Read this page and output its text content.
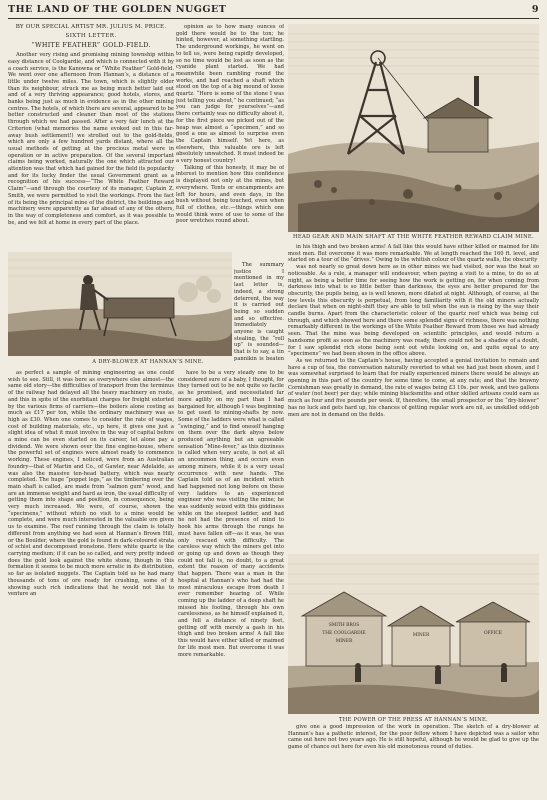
THE LAND OF THE GOLDEN NUGGET	9
BY OUR SPECIAL ARTIST MR. JULIUS M. PRICE.
SIXTH LETTER.
“WHITE FEATHER” GOLD-FIELD.

Another very rising and promising mining township within easy distance of Coolgardie, and which is connected with it by a coach service, is the Kanowna or “White Feather” Gold-field. We went over one afternoon from Hannan’s, a distance of a little under twelve miles. The town, which is slightly older than its neighbour, struck me as being much better laid out and of a very thriving appearance; good hotels, stores, and banks being just as much in evidence as in the other mining centres. The hotels, of which there are several, appeared to be better constructed and cleaner than most of the stations through which we had passed. After a very fair lunch at the Criterion (what memories the name evoked out in this far-away bush settlement!) we strolled out to the gold-fields, which are only a few hundred yards distant, where all the usual methods of getting at the precious metal were in operation or in active preparation. Of the several important claims being worked, naturally the one which attracted our attention was that which had gained for the field its popularity and for its lucky finder the usual Government grant as a recognition of his success—“The White Feather Reward Claim”—and through the courtesy of its manager, Captain Z. Smith, we were permitted to visit the workings. From the fact of its being the principal mine of the district, the buildings and machinery were apparently as far ahead of any of the others, in the way of completeness and comfort, as it was possible to be, and we felt at home in every part of the place.

opinion as to how many ounces of gold there would be to the ton; he hinted, however, at something startling. The underground workings, he went on to tell us, were being rapidly developed, so no time would be lost as soon as the cyanide plant started. We had meanwhile been rambling round the works, and had reached a shaft which stood on the top of a big mound of loose quartz. “Here is some of the stone I was just telling you about,” he continued; “as you can judge for yourselves”—and there certainly was no difficulty about it, for the first piece we picked out of the heap was almost a “specimen,” and so good a one as almost to surprise even the Captain himself. Yet here, as elsewhere, this valuable ore is left absolutely unwatched. It must indeed be a very honest country!

Talking of this honesty, it may be of interest to mention how this confidence is displayed not only at the mines, but everywhere. Tents or encampments are left for hours, and even days, in the bush without being touched, even when full of clothes, etc.—things which one would think were of use to some of the poor wretches round about.

HEAD GEAR AND MAIN SHAFT AT THE WHITE FEATHER REWARD CLAIM MINE.
A DRY-BLOWER AT HANNAN’S MINE.

The summary justice I mentioned in my last letter is, indeed, a strong deterrent, the way it is carried out being so sudden and so effective. Immediately anyone is caught stealing, the “roll up” is sounded—that is to say, a tin pannikin is beaten

in his thigh and two broken arms! A fall like this would have either killed or maimed for life most men. But overcome it was more remarkable. We at length reached the 160 ft. level, and started on a tour of the “drives.” Owing to the whitish colour of the quartz walls, the obscurity

was not nearly so great down here as in other mines we had visited, nor was the heat so noticeable. As a rule, a manager will endeavour, when paying a visit to a mine, to do so at night, as being a better time for seeing how the work is getting on, for when coming from darkness into what is so little better than darkness, the eyes are better prepared for the obscurity, the pupils being, as is well known, more dilated at night. Although, of course, at the low levels this obscurity is perpetual, from long familiarity with it the old miners actually declare that when on night-shift they are able to tell when the sun is rising by the way their candle burns. Apart from the characteristic colour of the quartz reef which was being cut through, and which showed here and there some splendid signs of richness, there was nothing remarkably different in the workings of the White Feather Reward from those we had already seen. That the mine was being developed on scientific principles, and would return a handsome profit as soon as the machinery was ready, there could not be a shadow of a doubt, for I saw splendid rich stone being sent out while looking on, and quite equal to any “specimens” we had been shown in the office above.

As we returned to the Captain’s house, having accepted a genial invitation to remain and have a cup of tea, the conversation naturally reverted to what we had just been shown, and I was somewhat surprised to learn that for really experienced miners there would be always an opening in this part of the country for some time to come, at any rate; and that the brawny Cornishman was greatly in demand, the rate of wages being £3 10s. per week, and two gallons of water (not beer) per day; while mining blacksmiths and other skilled artisans could earn as much as four and five pounds per week. If, therefore, the small prospector or the “dry-blower” has no luck and gets hard up, his chances of getting regular work are nil, as unskilled odd-job men are not in demand on the fields.

as perfect a sample of mining engineering as one could wish to see. Still, it was here as everywhere else almost—the same old story—the difficulties of transport from the terminus of the railway had delayed all the heavy machinery en route, and this in spite of the exorbitant charges for freight extorted by the various firms of carriers—the boilers alone costing as much as £17 per ton, while the ordinary machinery was as high as £30. When one comes to consider the rate of wages, cost of building materials, etc., up here, it gives one just a slight idea of what it must involve in the way of capital before a mine can be even started on its career, let alone pay a dividend. We were shown over the fine engine-house, where the powerful set of engines were almost ready to commence working. These engines, I noticed, were from an Australian foundry—that of Martin and Co., of Gawler, near Adelaide, as was also the massive ten-head battery, which was nearly completed. The huge “poppet legs,” as the timbering over the main shaft is called, are made from “salmon gum” wood, and are an immense weight and hard as iron, the usual difficulty of getting them into shape and position, in consequence, being very much increased. We were, of course, shown the “specimens,” without which no visit to a mine would be complete, and were much interested in the valuable ore given us to examine. The reef running through the claim is totally different from anything we had seen at Hannan’s Brown Hill, or the Boulder, where the gold is found in dark-coloured strata of schist and decomposed ironstone. Here white quartz is the carrying medium; if it can be so called, and very pretty indeed does the gold look against the white stone, though in this formation it seems to be much more erratic in its distribution, so far as isolated nuggets. The Captain told us he had many thousands of tons of ore ready for crushing, some of it showing such rich indications that he would not like to venture an

have to be a very steady one to be considered sure of a baby, I thought, for they turned out to be not quite so facile as he promised, and necessitated far more agility on my part than I had bargained for, although I was beginning to get used to mining-shafts by now. Some of the ladders were what is called “swinging,” and to find oneself hanging on them over the dark abyss below produced anything but an agreeable sensation “Mine-fever,” as this dizziness is called when very acute, is not at all an uncommon thing, and occurs even among miners, while it is a very usual occurrence with new hands. The Captain told us of an incident which had happened not long before on these very ladders to an experienced engineer who was visiting the mine; he was suddenly seized with this giddiness while on the steepest ladder, and had he not had the presence of mind to hook his arms through the rungs he must have fallen off—as it was, he was only rescued with difficulty. The careless way which the miners get into or going up and down as though they could not fall is, no doubt, to a great extent the reason of many accidents that happen. There was a man in the hospital at Hannan’s who had had the most miraculous escape from death I ever remember hearing of. While coming up the ladder of a deep shaft he missed his footing, through his own carelessness, as he himself explained it, and fell a distance of ninety feet, getting off with merely a gash in his thigh and two broken arms! A fall like this would have either killed or maimed for life most men. But overcome it was more remarkable.

SMITH BROS
THE COOLGARDIE
MINER
MINER	OFFICE
THE POWER OF THE PRESS AT HANNAN’S MINE.

give one a good impression of the work in operation. The sketch of a dry-blower at Hannan’s has a pathetic interest, for the poor fellow whom I have depicted was a sailor who came out here not two years ago. He is still hopeful, although he would be glad to give up the game of chance out here for even his old monotonous round of duties.
